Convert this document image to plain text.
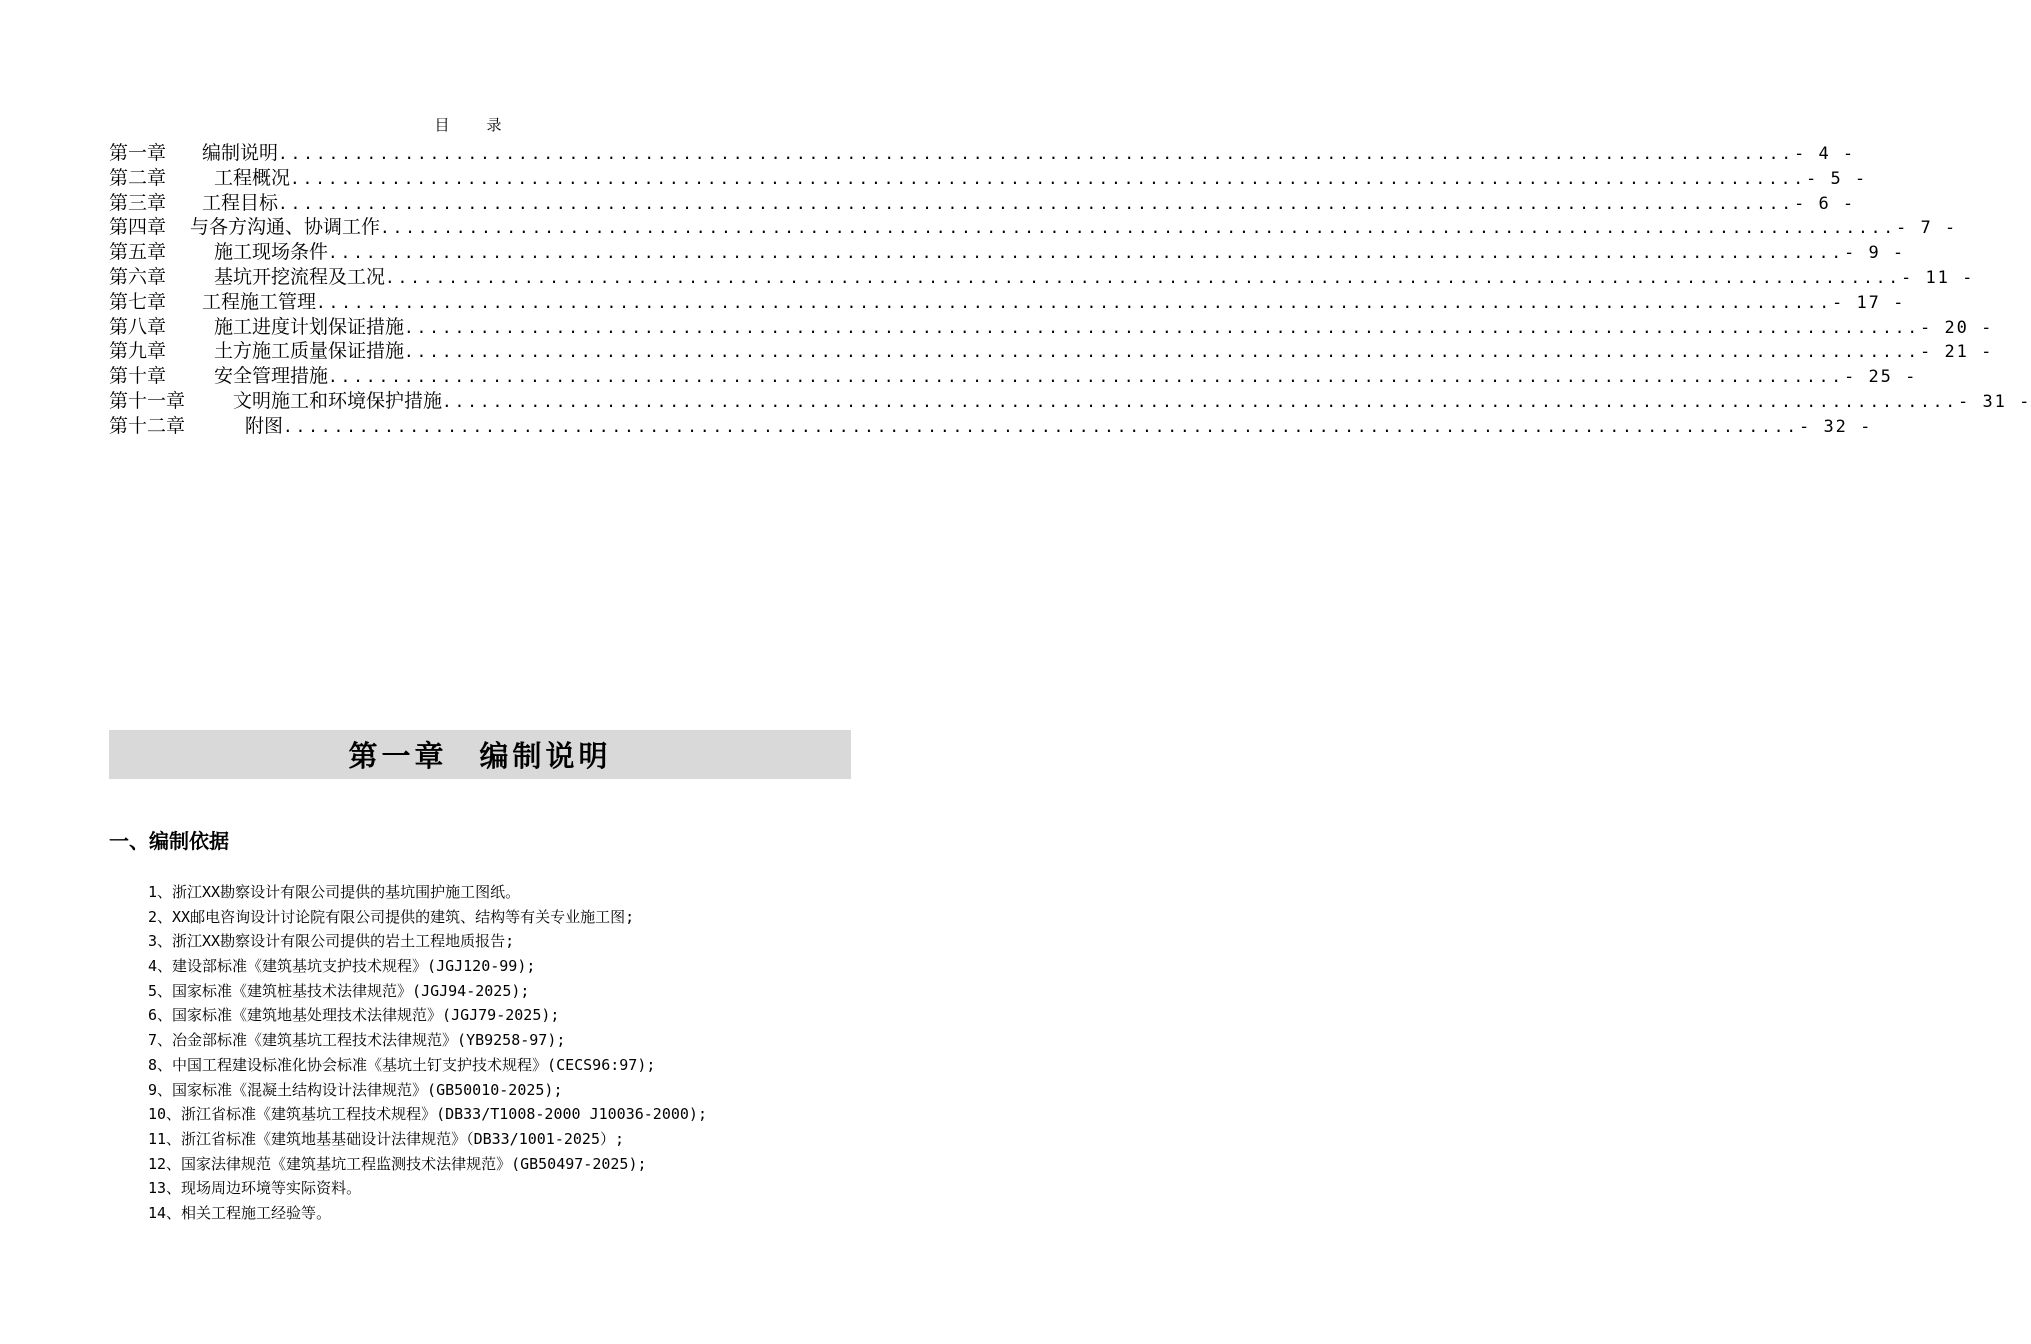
目 录
第一章 编制说明 ........................................................................................................................ - 4 -
第二章	工程概况 ........................................................................................................................ - 5 -
第三章 工程目标 ........................................................................................................................ - 6 -
第四章 与各方沟通、协调工作 ........................................................................................................................ - 7 -
第五章	施工现场条件 ........................................................................................................................ - 9 -
第六章	基坑开挖流程及工况 ........................................................................................................................ - 11 -
第七章 工程施工管理 ........................................................................................................................ - 17 -
第八章	施工进度计划保证措施 ........................................................................................................................ - 20 -
第九章	土方施工质量保证措施 ........................................................................................................................ - 21 -
第十章	安全管理措施 ........................................................................................................................ - 25 -
第十一章	文明施工和环境保护措施 ........................................................................................................................ - 31 -
第十二章	附图 ........................................................................................................................ - 32 -
第一章 编制说明
一、编制依据
1、浙江XX勘察设计有限公司提供的基坑围护施工图纸。
2、XX邮电咨询设计讨论院有限公司提供的建筑、结构等有关专业施工图;
3、浙江XX勘察设计有限公司提供的岩土工程地质报告;
4、建设部标准《建筑基坑支护技术规程》(JGJ120-99);
5、国家标准《建筑桩基技术法律规范》(JGJ94-2025);
6、国家标准《建筑地基处理技术法律规范》(JGJ79-2025);
7、冶金部标准《建筑基坑工程技术法律规范》(YB9258-97);
8、中国工程建设标准化协会标准《基坑土钉支护技术规程》(CECS96:97);
9、国家标准《混凝土结构设计法律规范》(GB50010-2025);
10、浙江省标准《建筑基坑工程技术规程》(DB33/T1008-2000 J10036-2000);
11、浙江省标准《建筑地基基础设计法律规范》（DB33/1001-2025）;
12、国家法律规范《建筑基坑工程监测技术法律规范》(GB50497-2025);
13、现场周边环境等实际资料。
14、相关工程施工经验等。
